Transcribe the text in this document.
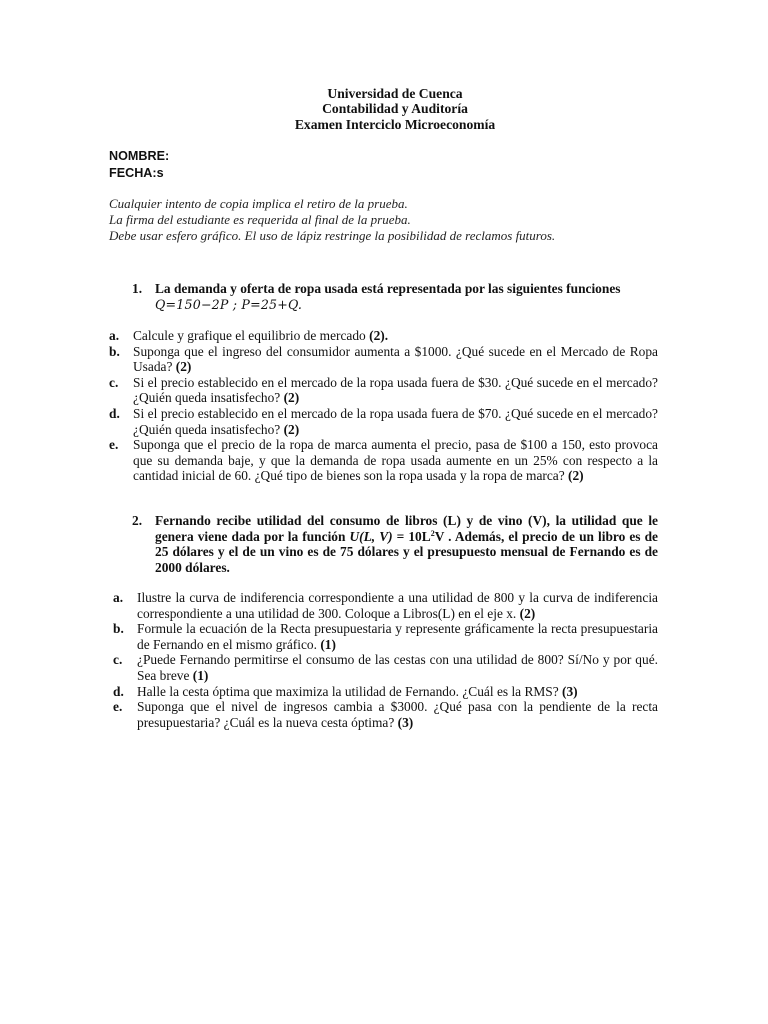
Universidad de Cuenca
Contabilidad y Auditoría
Examen Interciclo Microeconomía
NOMBRE:
FECHA:s
Cualquier intento de copia implica el retiro de la prueba.
La firma del estudiante es requerida al final de la prueba.
Debe usar esfero gráfico. El uso de lápiz restringe la posibilidad de reclamos futuros.
1. La demanda y oferta de ropa usada está representada por las siguientes funciones
Q=150−2P ; P=25+Q.
a. Calcule y grafique el equilibrio de mercado (2).
b. Suponga que el ingreso del consumidor aumenta a $1000. ¿Qué sucede en el Mercado de Ropa Usada? (2)
c. Si el precio establecido en el mercado de la ropa usada fuera de $30. ¿Qué sucede en el mercado? ¿Quién queda insatisfecho? (2)
d. Si el precio establecido en el mercado de la ropa usada fuera de $70. ¿Qué sucede en el mercado? ¿Quién queda insatisfecho? (2)
e. Suponga que el precio de la ropa de marca aumenta el precio, pasa de $100 a 150, esto provoca que su demanda baje, y que la demanda de ropa usada aumente en un 25% con respecto a la cantidad inicial de 60. ¿Qué tipo de bienes son la ropa usada y la ropa de marca? (2)
2. Fernando recibe utilidad del consumo de libros (L) y de vino (V), la utilidad que le genera viene dada por la función U(L, $V) = 10L^2V$ . Además, el precio de un libro es de 25 dólares y el de un vino es de 75 dólares y el presupuesto mensual de Fernando es de 2000 dólares.
a. Ilustre la curva de indiferencia correspondiente a una utilidad de 800 y la curva de indiferencia correspondiente a una utilidad de 300. Coloque a Libros(L) en el eje x. (2)
b. Formule la ecuación de la Recta presupuestaria y represente gráficamente la recta presupuestaria de Fernando en el mismo gráfico. (1)
c. ¿Puede Fernando permitirse el consumo de las cestas con una utilidad de 800? Sí/No y por qué. Sea breve (1)
d. Halle la cesta óptima que maximiza la utilidad de Fernando. ¿Cuál es la RMS? (3)
e. Suponga que el nivel de ingresos cambia a $3000. ¿Qué pasa con la pendiente de la recta presupuestaria? ¿Cuál es la nueva cesta óptima? (3)
